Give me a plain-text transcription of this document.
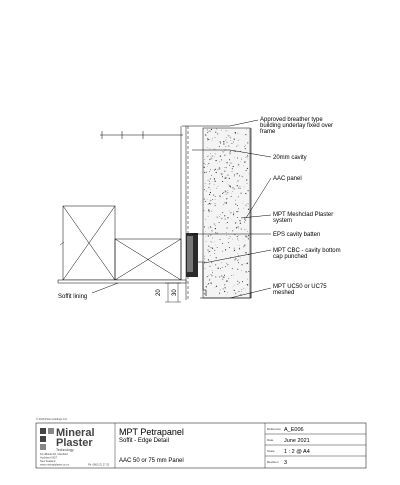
20 30
Approved breather type
building underlay fixed over
frame
20mm cavity
AAC panel
MPT Meshclad Plaster
system
EPS cavity batten
MPT CBC - cavity bottom
cap punched
MPT UC50 or UC75
meshed
Soffit lining
© 2018 Pelco Holdings Ltd
Mineral
Plaster
Technology
61 Hillside Rd, Glenfield
Auckland 0627
New Zealand
www.mineralplaster.co.nz	Ph: 0800 22 27 52
MPT Petrapanel
Soffit - Edge Detail
AAC 50 or 75 mm Panel
Reference A_E006
Date June 2021
Scale 1 : 2 @ A4
Revision 3
